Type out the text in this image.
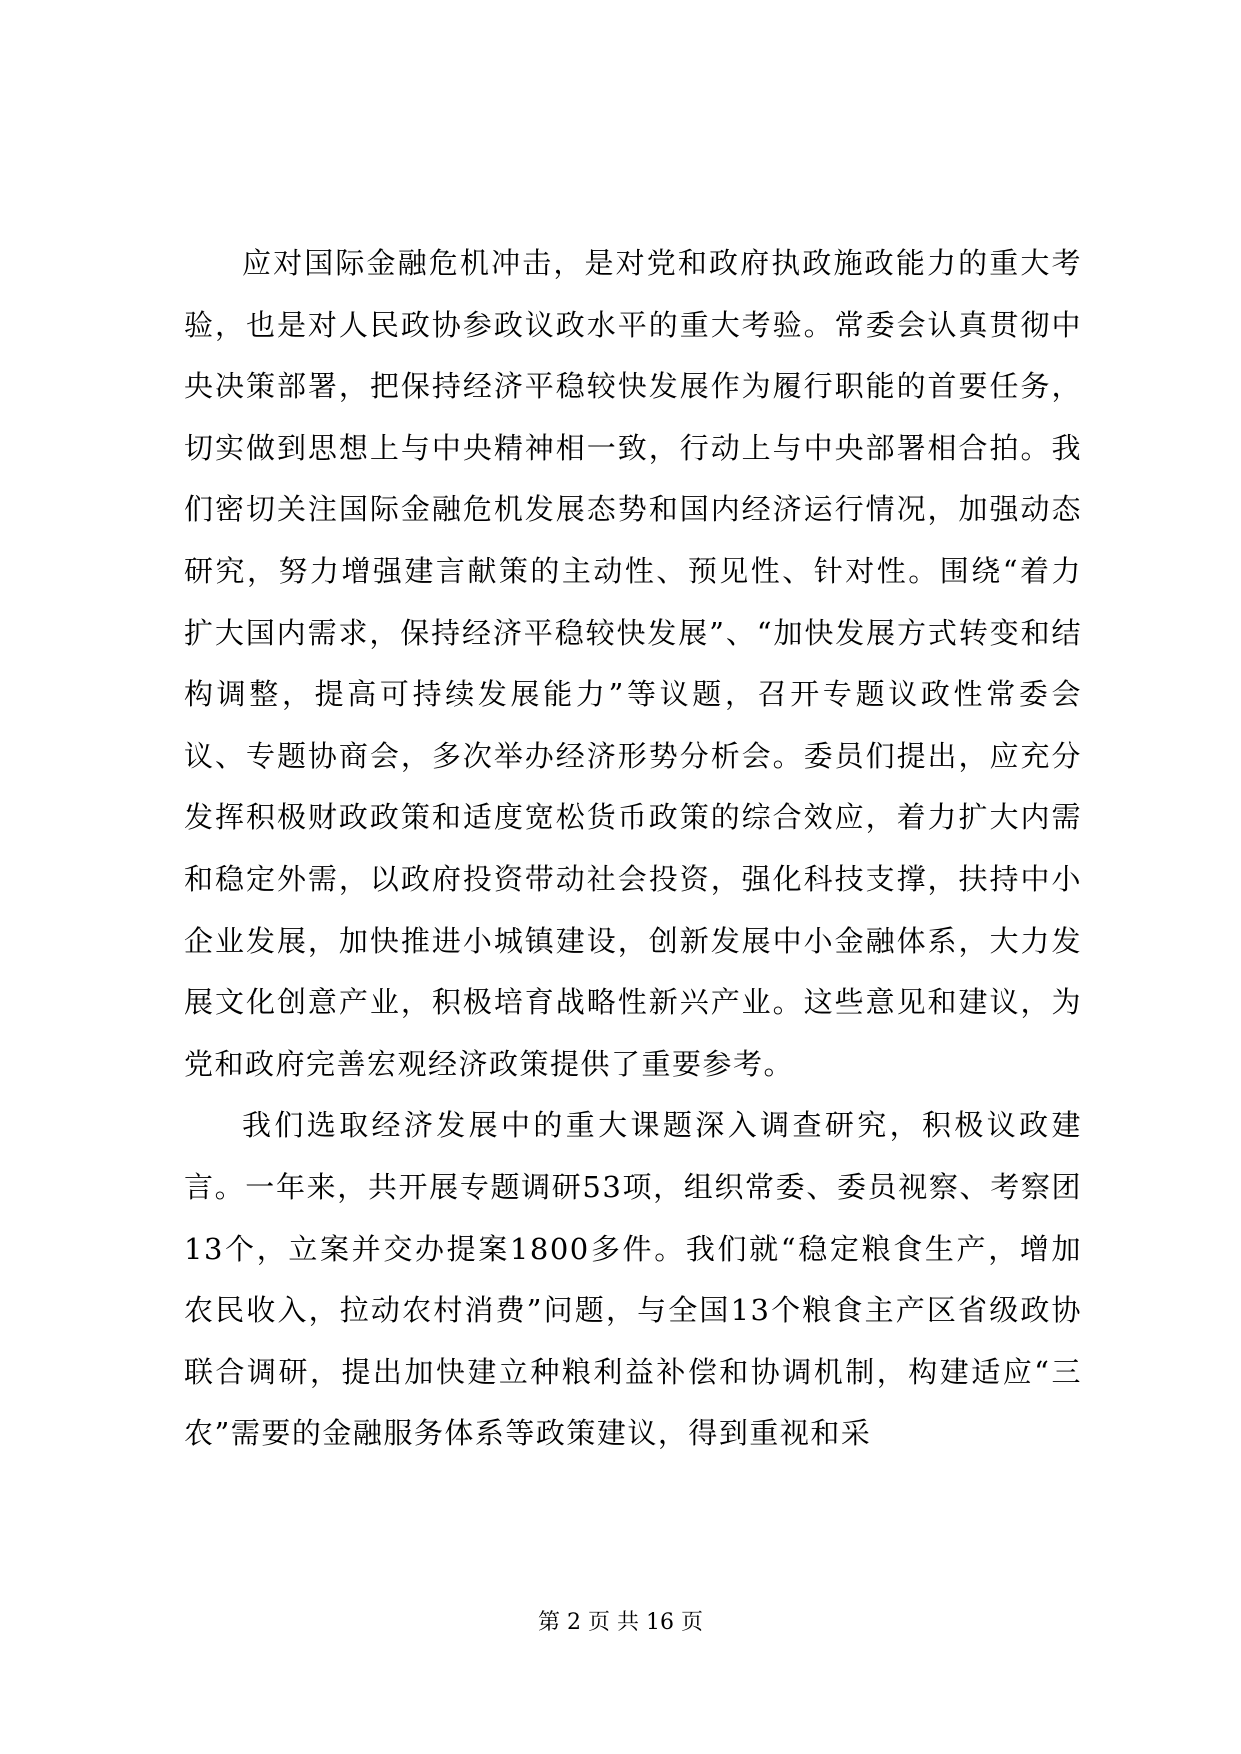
应对国际金融危机冲击，是对党和政府执政施政能力的重大考验，也是对人民政协参政议政水平的重大考验。常委会认真贯彻中央决策部署，把保持经济平稳较快发展作为履行职能的首要任务，切实做到思想上与中央精神相一致，行动上与中央部署相合拍。我们密切关注国际金融危机发展态势和国内经济运行情况，加强动态研究，努力增强建言献策的主动性、预见性、针对性。围绕“着力扩大国内需求，保持经济平稳较快发展”、“加快发展方式转变和结构调整，提高可持续发展能力”等议题，召开专题议政性常委会议、专题协商会，多次举办经济形势分析会。委员们提出，应充分发挥积极财政政策和适度宽松货币政策的综合效应，着力扩大内需和稳定外需，以政府投资带动社会投资，强化科技支撑，扶持中小企业发展，加快推进小城镇建设，创新发展中小金融体系，大力发展文化创意产业，积极培育战略性新兴产业。这些意见和建议，为党和政府完善宏观经济政策提供了重要参考。

我们选取经济发展中的重大课题深入调查研究，积极议政建言。一年来，共开展专题调研53项，组织常委、委员视察、考察团13个，立案并交办提案1800多件。我们就“稳定粮食生产，增加农民收入，拉动农村消费”问题，与全国13个粮食主产区省级政协联合调研，提出加快建立种粮利益补偿和协调机制，构建适应“三农”需要的金融服务体系等政策建议，得到重视和采

第 2 页 共 16 页
